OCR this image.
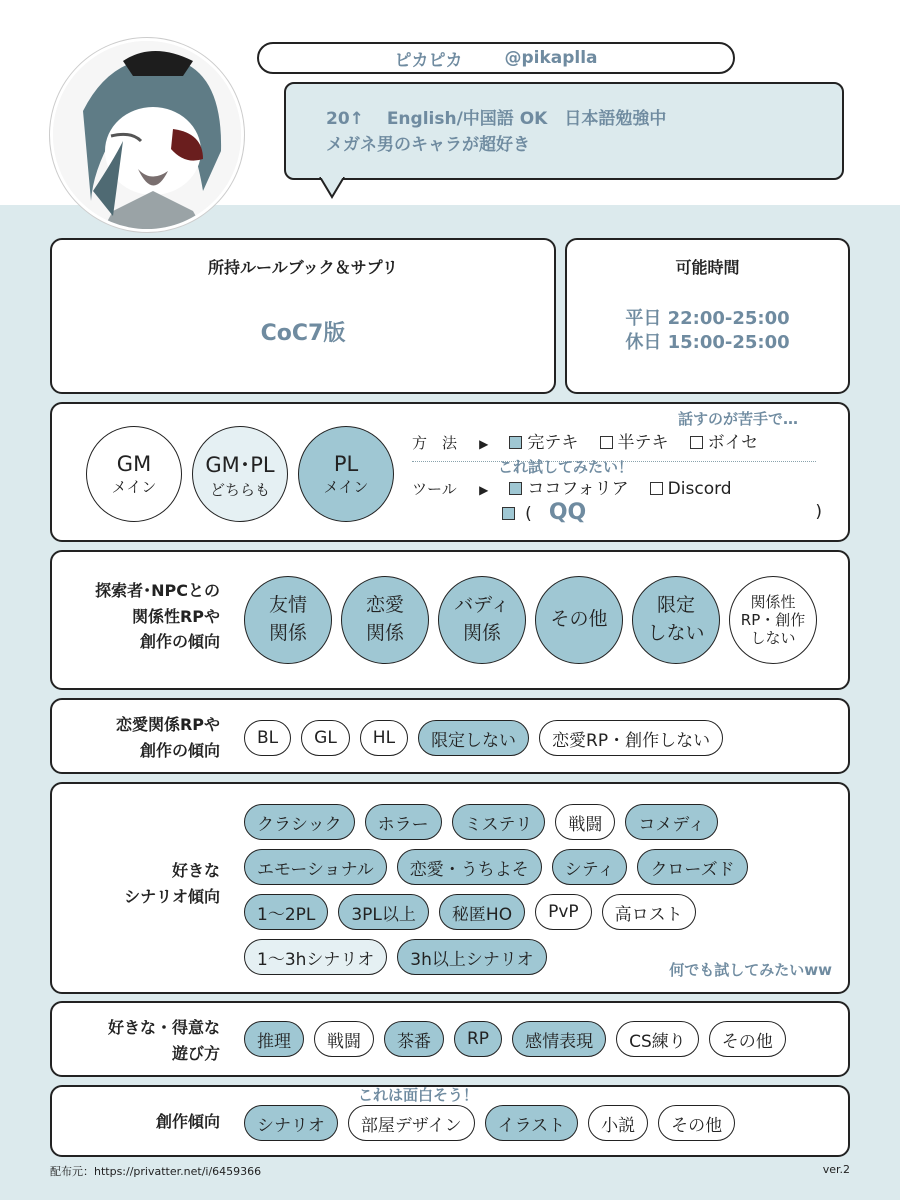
ピカピカ @pikaplla
20↑　 English/中国語 OK　日本語勉強中
メガネ男のキャラが超好き
所持ルールブック＆サプリ
CoC7版
可能時間
平日 22:00-25:00
休日 15:00-25:00
GM
メイン
GM･PL
どちらも
PL
メイン
話すのが苦手で…
方　法 ▶ 完テキ 半テキ ボイセ
これ試してみたい！
ツール ▶ ココフォリア Discord
( QQ	)
探索者･NPCとの
関係性RPや
創作の傾向
友情
関係
恋愛
関係
バディ
関係
その他
限定
しない
関係性
RP・創作
しない
恋愛関係RPや
創作の傾向
BL	GL	HL	限定しない	恋愛RP・創作しない
好きな
シナリオ傾向
クラシック	ホラー	ミステリ	戦闘	コメディ
エモーショナル	恋愛・うちよそ	シティ	クローズド
1～2PL	3PL以上	秘匿HO	PvP	高ロスト
1～3hシナリオ	3h以上シナリオ
何でも試してみたいww
好きな・得意な
遊び方
推理	戦闘	茶番	RP	感情表現	CS練り	その他
これは面白そう！
創作傾向	シナリオ	部屋デザイン	イラスト	小説	その他
配布元：https://privatter.net/i/6459366	ver.2
